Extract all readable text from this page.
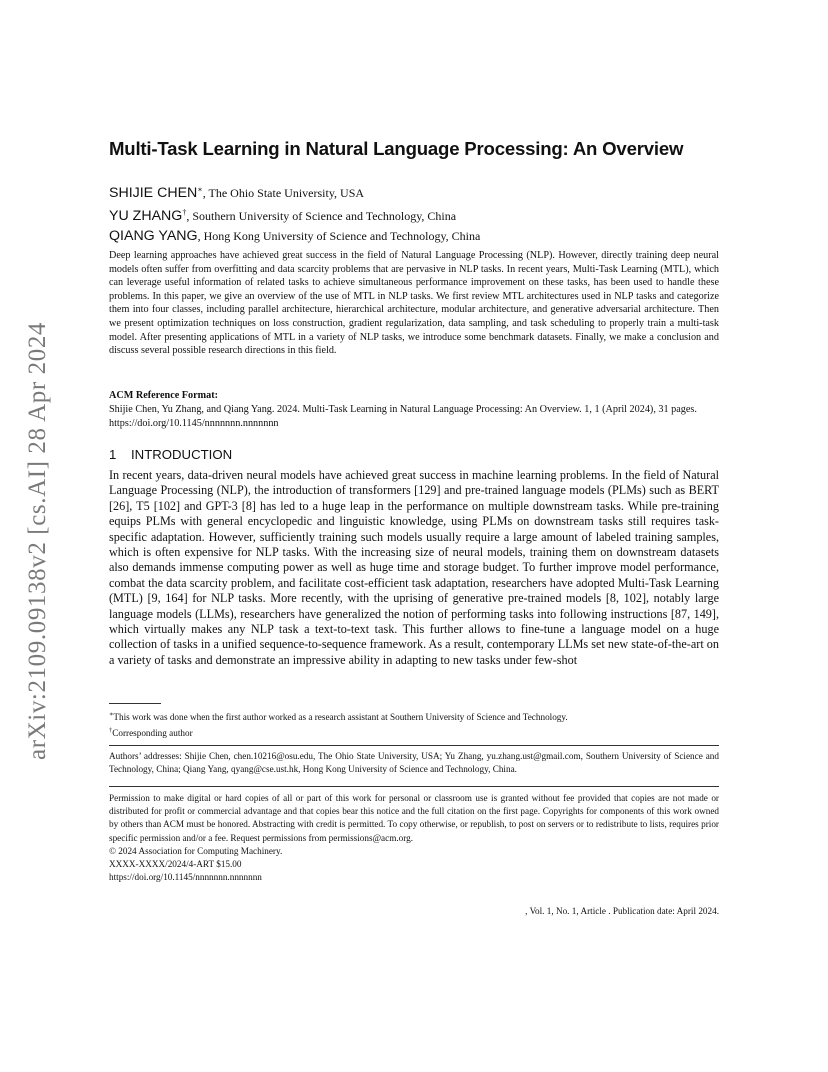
arXiv:2109.09138v2 [cs.AI] 28 Apr 2024
Multi-Task Learning in Natural Language Processing: An Overview
SHIJIE CHEN∗, The Ohio State University, USA
YU ZHANG†, Southern University of Science and Technology, China
QIANG YANG, Hong Kong University of Science and Technology, China

Deep learning approaches have achieved great success in the field of Natural Language Processing (NLP). However, directly training deep neural models often suffer from overfitting and data scarcity problems that are pervasive in NLP tasks. In recent years, Multi-Task Learning (MTL), which can leverage useful information of related tasks to achieve simultaneous performance improvement on these tasks, has been used to handle these problems. In this paper, we give an overview of the use of MTL in NLP tasks. We first review MTL architectures used in NLP tasks and categorize them into four classes, including parallel architecture, hierarchical architecture, modular architecture, and generative adversarial architecture. Then we present optimization techniques on loss construction, gradient regularization, data sampling, and task scheduling to properly train a multi-task model. After presenting applications of MTL in a variety of NLP tasks, we introduce some benchmark datasets. Finally, we make a conclusion and discuss several possible research directions in this field.

ACM Reference Format:
Shijie Chen, Yu Zhang, and Qiang Yang. 2024. Multi-Task Learning in Natural Language Processing: An Overview. 1, 1 (April 2024), 31 pages. https://doi.org/10.1145/nnnnnnn.nnnnnnn
1 INTRODUCTION

In recent years, data-driven neural models have achieved great success in machine learning problems. In the field of Natural Language Processing (NLP), the introduction of transformers [129] and pre-trained language models (PLMs) such as BERT [26], T5 [102] and GPT-3 [8] has led to a huge leap in the performance on multiple downstream tasks. While pre-training equips PLMs with general encyclopedic and linguistic knowledge, using PLMs on downstream tasks still requires task-specific adaptation. However, sufficiently training such models usually require a large amount of labeled training samples, which is often expensive for NLP tasks. With the increasing size of neural models, training them on downstream datasets also demands immense computing power as well as huge time and storage budget. To further improve model performance, combat the data scarcity problem, and facilitate cost-efficient task adaptation, researchers have adopted Multi-Task Learning (MTL) [9, 164] for NLP tasks. More recently, with the uprising of generative pre-trained models [8, 102], notably large language models (LLMs), researchers have generalized the notion of performing tasks into following instructions [87, 149], which virtually makes any NLP task a text-to-text task. This further allows to fine-tune a language model on a huge collection of tasks in a unified sequence-to-sequence framework. As a result, contemporary LLMs set new state-of-the-art on a variety of tasks and demonstrate an impressive ability in adapting to new tasks under few-shot

∗This work was done when the first author worked as a research assistant at Southern University of Science and Technology.
†Corresponding author

Authors’ addresses: Shijie Chen, chen.10216@osu.edu, The Ohio State University, USA; Yu Zhang, yu.zhang.ust@gmail.com, Southern University of Science and Technology, China; Qiang Yang, qyang@cse.ust.hk, Hong Kong University of Science and Technology, China.

Permission to make digital or hard copies of all or part of this work for personal or classroom use is granted without fee provided that copies are not made or distributed for profit or commercial advantage and that copies bear this notice and the full citation on the first page. Copyrights for components of this work owned by others than ACM must be honored. Abstracting with credit is permitted. To copy otherwise, or republish, to post on servers or to redistribute to lists, requires prior specific permission and/or a fee. Request permissions from permissions@acm.org.

© 2024 Association for Computing Machinery.
XXXX-XXXX/2024/4-ART $15.00
https://doi.org/10.1145/nnnnnnn.nnnnnnn
, Vol. 1, No. 1, Article . Publication date: April 2024.
